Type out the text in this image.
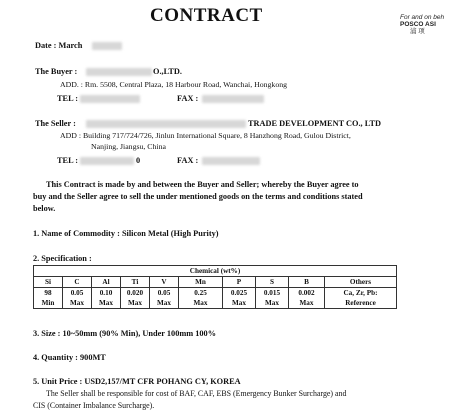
For and on beh
POSCO ASI
浦 项
CONTRACT
Date : March
The Buyer :	O.,LTD.
ADD. : Rm. 5508, Central Plaza, 18 Harbour Road, Wanchai, Hongkong
TEL :	FAX :
The Seller :	TRADE DEVELOPMENT CO., LTD
ADD : Building 717/724/726, Jinlun International Square, 8 Hanzhong Road, Gulou District,
Nanjing, Jiangsu, China
TEL :	0	FAX :
This Contract is made by and between the Buyer and Seller; whereby the Buyer agree to
buy and the Seller agree to sell the under mentioned goods on the terms and conditions stated
below.
1. Name of Commodity : Silicon Metal (High Purity)
2. Specification :
Chemical (wt%)									
Si	C	Al	Ti	V	Mn	P	S	B	Others
98	0.05	0.10	0.020	0.05	0.25	0.025	0.015	0.002	Ca, Zr, Pb:
Min	Max	Max	Max	Max	Max	Max	Max	Max	Reference
3. Size : 10~50mm (90% Min), Under 100mm 100%
4. Quantity : 900MT
5. Unit Price : USD2,157/MT CFR POHANG CY, KOREA
The Seller shall be responsible for cost of BAF, CAF, EBS (Emergency Bunker Surcharge) and
CIS (Container Imbalance Surcharge).
